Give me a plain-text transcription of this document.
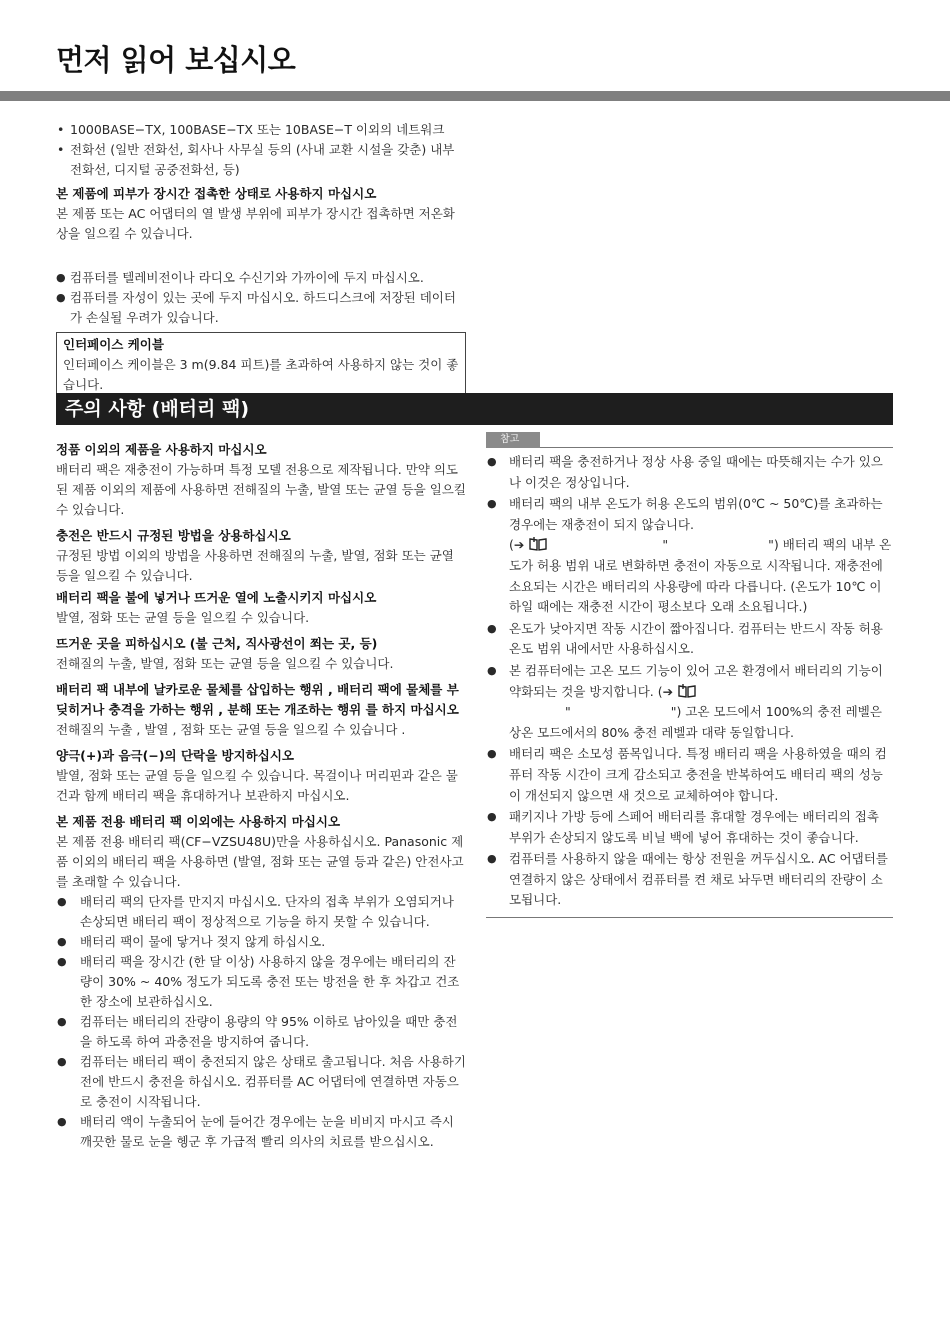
먼저 읽어 보십시오
• 1000BASE−TX, 100BASE−TX 또는 10BASE−T 이외의 네트워크
• 전화선 (일반 전화선, 회사나 사무실 등의 (사내 교환 시설을 갖춘) 내부 전화선, 디지털 공중전화선, 등)
본 제품에 피부가 장시간 접촉한 상태로 사용하지 마십시오
본 제품 또는 AC 어댑터의 열 발생 부위에 피부가 장시간 접촉하면 저온화상을 일으킬 수 있습니다.
● 컴퓨터를 텔레비전이나 라디오 수신기와 가까이에 두지 마십시오.
● 컴퓨터를 자성이 있는 곳에 두지 마십시오. 하드디스크에 저장된 데이터가 손실될 우려가 있습니다.
인터페이스 케이블
인터페이스 케이블은 3 m(9.84 피트)를 초과하여 사용하지 않는 것이 좋습니다.
주의 사항 (배터리 팩)
정품 이외의 제품을 사용하지 마십시오
배터리 팩은 재충전이 가능하며 특정 모델 전용으로 제작됩니다. 만약 의도된 제품 이외의 제품에 사용하면 전해질의 누출, 발열 또는 균열 등을 일으킬 수 있습니다.
충전은 반드시 규정된 방법을 상용하십시오
규정된 방법 이외의 방법을 사용하면 전해질의 누출, 발열, 점화 또는 균열 등을 일으킬 수 있습니다.
배터리 팩을 불에 넣거나 뜨거운 열에 노출시키지 마십시오
발열, 점화 또는 균열 등을 일으킬 수 있습니다.
뜨거운 곳을 피하십시오 (불 근처, 직사광선이 쬐는 곳, 등)
전해질의 누출, 발열, 점화 또는 균열 등을 일으킬 수 있습니다.
배터리 팩 내부에 날카로운 물체를 삽입하는 행위 , 배터리 팩에 물체를 부딪히거나 충격을 가하는 행위 , 분해 또는 개조하는 행위 를 하지 마십시오
전해질의 누출 , 발열 , 점화 또는 균열 등을 일으킬 수 있습니다 .
양극(+)과 음극(−)의 단락을 방지하십시오
발열, 점화 또는 균열 등을 일으킬 수 있습니다. 목걸이나 머리핀과 같은 물건과 함께 배터리 팩을 휴대하거나 보관하지 마십시오.
본 제품 전용 배터리 팩 이외에는 사용하지 마십시오
본 제품 전용 배터리 팩(CF−VZSU48U)만을 사용하십시오. Panasonic 제품 이외의 배터리 팩을 사용하면 (발열, 점화 또는 균열 등과 같은) 안전사고를 초래할 수 있습니다.
● 배터리 팩의 단자를 만지지 마십시오. 단자의 접촉 부위가 오염되거나 손상되면 배터리 팩이 정상적으로 기능을 하지 못할 수 있습니다.
● 배터리 팩이 물에 닿거나 젖지 않게 하십시오.
● 배터리 팩을 장시간 (한 달 이상) 사용하지 않을 경우에는 배터리의 잔량이 30% ~ 40% 정도가 되도록 충전 또는 방전을 한 후 차갑고 건조한 장소에 보관하십시오.
● 컴퓨터는 배터리의 잔량이 용량의 약 95% 이하로 남아있을 때만 충전을 하도록 하여 과충전을 방지하여 줍니다.
● 컴퓨터는 배터리 팩이 충전되지 않은 상태로 출고됩니다. 처음 사용하기 전에 반드시 충전을 하십시오. 컴퓨터를 AC 어댑터에 연결하면 자동으로 충전이 시작됩니다.
● 배터리 액이 누출되어 눈에 들어간 경우에는 눈을 비비지 마시고 즉시 깨끗한 물로 눈을 헹군 후 가급적 빨리 의사의 치료를 받으십시오.
참고
● 배터리 팩을 충전하거나 정상 사용 중일 때에는 따뜻해지는 수가 있으나 이것은 정상입니다.
● 배터리 팩의 내부 온도가 허용 온도의 범위(0℃ ~ 50℃)를 초과하는 경우에는 재충전이 되지 않습니다.
(➔	"	") 배터리 팩의 내부 온도가 허용 범위 내로 변화하면 충전이 자동으로 시작됩니다. 재충전에 소요되는 시간은 배터리의 사용량에 따라 다릅니다. (온도가 10℃ 이하일 때에는 재충전 시간이 평소보다 오래 소요됩니다.)
● 온도가 낮아지면 작동 시간이 짧아집니다. 컴퓨터는 반드시 작동 허용온도 범위 내에서만 사용하십시오.
● 본 컴퓨터에는 고온 모드 기능이 있어 고온 환경에서 배터리의 기능이 약화되는 것을 방지합니다. (➔
"	") 고온 모드에서 100%의 충전 레벨은 상온 모드에서의 80% 충전 레벨과 대략 동일합니다.
● 배터리 팩은 소모성 품목입니다. 특정 배터리 팩을 사용하였을 때의 컴퓨터 작동 시간이 크게 감소되고 충전을 반복하여도 배터리 팩의 성능이 개선되지 않으면 새 것으로 교체하여야 합니다.
● 패키지나 가방 등에 스페어 배터리를 휴대할 경우에는 배터리의 접촉 부위가 손상되지 않도록 비닐 백에 넣어 휴대하는 것이 좋습니다.
● 컴퓨터를 사용하지 않을 때에는 항상 전원을 꺼두십시오. AC 어댑터를 연결하지 않은 상태에서 컴퓨터를 켠 채로 놔두면 배터리의 잔량이 소모됩니다.
